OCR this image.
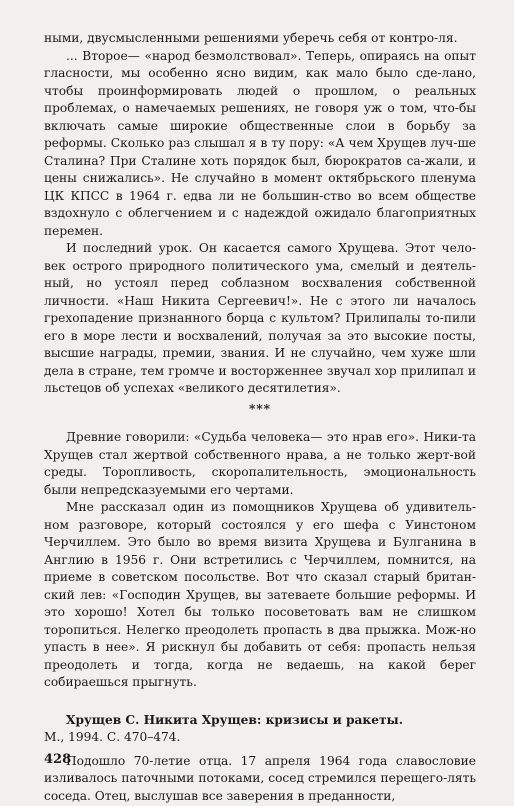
ными, двусмысленными решениями уберечь себя от контро-ля.

... Второе— «народ безмолствовал». Теперь, опираясь на опыт гласности, мы особенно ясно видим, как мало было сде-лано, чтобы проинформировать людей о прошлом, о реальных проблемах, о намечаемых решениях, не говоря уж о том, что-бы включать самые широкие общественные слои в борьбу за реформы. Сколько раз слышал я в ту пору: «А чем Хрущев луч-ше Сталина? При Сталине хоть порядок был, бюрократов са-жали, и цены снижались». Не случайно в момент октябрьского пленума ЦК КПСС в 1964 г. едва ли не большин-ство во всем обществе вздохнуло с облегчением и с надеждой ожидало благоприятных перемен.

И последний урок. Он касается самого Хрущева. Этот чело-век острого природного политического ума, смелый и деятель-ный, но устоял перед соблазном восхваления собственной личности. «Наш Никита Сергеевич!». Не с этого ли началось грехопадение признанного борца с культом? Прилипалы то-пили его в море лести и восхвалений, получая за это высокие посты, высшие награды, премии, звания. И не случайно, чем хуже шли дела в стране, тем громче и восторженнее звучал хор прилипал и льстецов об успехах «великого десятилетия».

***

Древние говорили: «Судьба человека— это нрав его». Ники-та Хрущев стал жертвой собственного нрава, а не только жерт-вой среды. Торопливость, скоропалительность, эмоциональность были непредсказуемыми его чертами.

Мне рассказал один из помощников Хрущева об удивитель-ном разговоре, который состоялся у его шефа с Уинстоном Черчиллем. Это было во время визита Хрущева и Булганина в Англию в 1956 г. Они встретились с Черчиллем, помнится, на приеме в советском посольстве. Вот что сказал старый британ-ский лев: «Господин Хрущев, вы затеваете большие реформы. И это хорошо! Хотел бы только посоветовать вам не слишком торопиться. Нелегко преодолеть пропасть в два прыжка. Мож-но упасть в нее». Я рискнул бы добавить от себя: пропасть нельзя преодолеть и тогда, когда не ведаешь, на какой берег собираешься прыгнуть.

Хрущев С. Никита Хрущев: кризисы и ракеты.
М., 1994. С. 470–474.

Подошло 70-летие отца. 17 апреля 1964 года славословие изливалось паточными потоками, сосед стремился перещего-лять соседа. Отец, выслушав все заверения в преданности,

428
